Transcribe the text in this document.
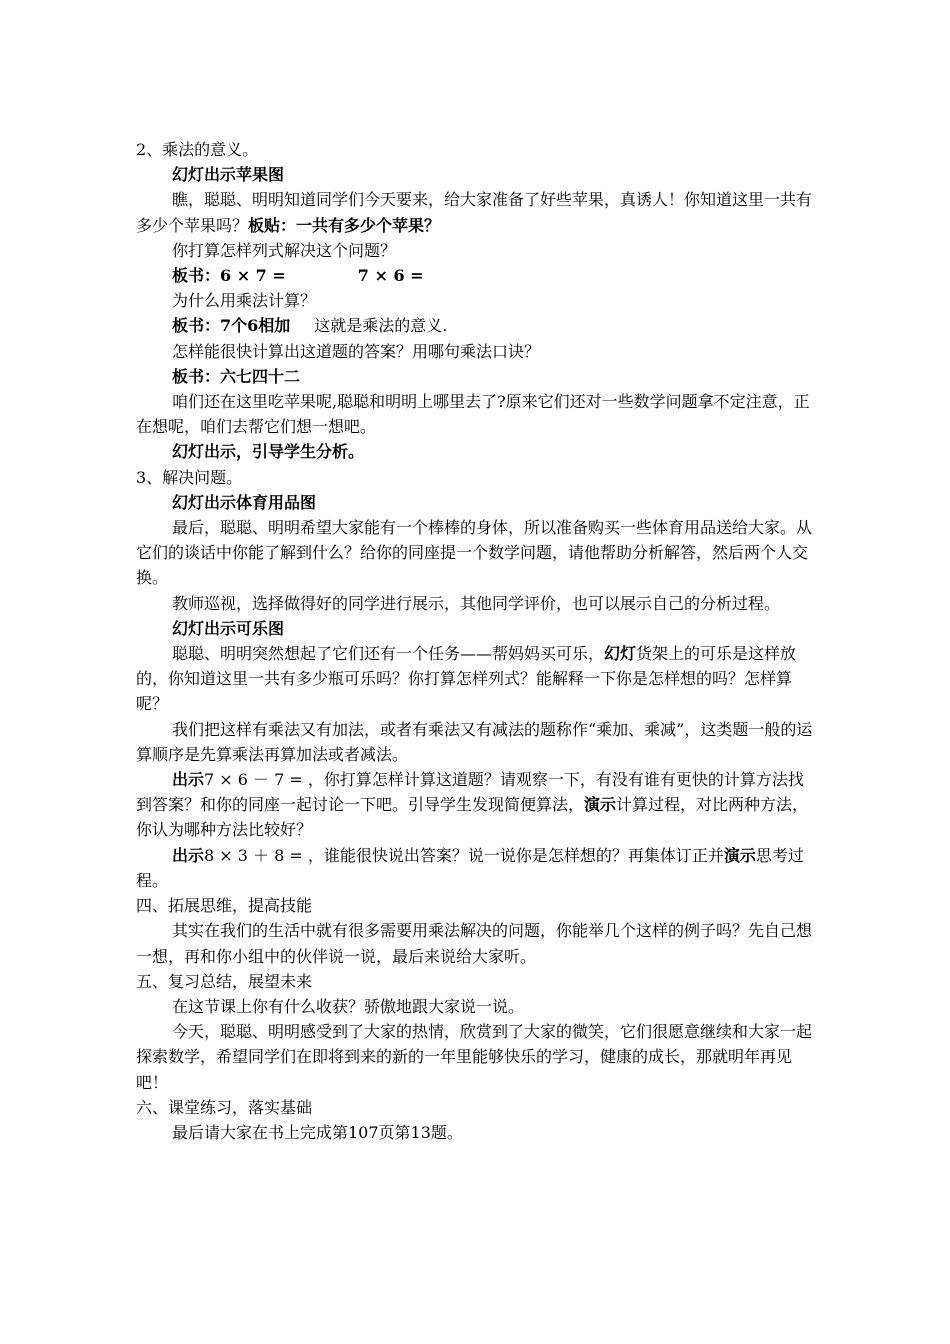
2、乘法的意义。

幻灯出示苹果图

瞧，聪聪、明明知道同学们今天要来，给大家准备了好些苹果，真诱人！你知道这里一共有多少个苹果吗？板贴：一共有多少个苹果？

你打算怎样列式解决这个问题？

板书：6 × 7 =	7 × 6 =

为什么用乘法计算？

板书：7个6相加 这就是乘法的意义.

怎样能很快计算出这道题的答案？用哪句乘法口诀？

板书：六七四十二

咱们还在这里吃苹果呢,聪聪和明明上哪里去了?原来它们还对一些数学问题拿不定注意，正在想呢，咱们去帮它们想一想吧。

幻灯出示，引导学生分析。

3、解决问题。

幻灯出示体育用品图

最后，聪聪、明明希望大家能有一个棒棒的身体，所以准备购买一些体育用品送给大家。从它们的谈话中你能了解到什么？给你的同座提一个数学问题，请他帮助分析解答，然后两个人交换。

教师巡视，选择做得好的同学进行展示，其他同学评价，也可以展示自己的分析过程。

幻灯出示可乐图

聪聪、明明突然想起了它们还有一个任务——帮妈妈买可乐，幻灯货架上的可乐是这样放的，你知道这里一共有多少瓶可乐吗？你打算怎样列式？能解释一下你是怎样想的吗？怎样算呢？

我们把这样有乘法又有加法，或者有乘法又有减法的题称作“乘加、乘减”，这类题一般的运算顺序是先算乘法再算加法或者减法。

出示7 × 6 － 7 = ，你打算怎样计算这道题？请观察一下，有没有谁有更快的计算方法找到答案？和你的同座一起讨论一下吧。引导学生发现简便算法，演示计算过程，对比两种方法，你认为哪种方法比较好？

出示8 × 3 ＋ 8 = ，谁能很快说出答案？说一说你是怎样想的？再集体订正并演示思考过程。

四、拓展思维，提高技能

其实在我们的生活中就有很多需要用乘法解决的问题，你能举几个这样的例子吗？先自己想一想，再和你小组中的伙伴说一说，最后来说给大家听。

五、复习总结，展望未来

在这节课上你有什么收获？骄傲地跟大家说一说。

今天，聪聪、明明感受到了大家的热情，欣赏到了大家的微笑，它们很愿意继续和大家一起探索数学，希望同学们在即将到来的新的一年里能够快乐的学习，健康的成长，那就明年再见吧！

六、课堂练习，落实基础

最后请大家在书上完成第107页第13题。
